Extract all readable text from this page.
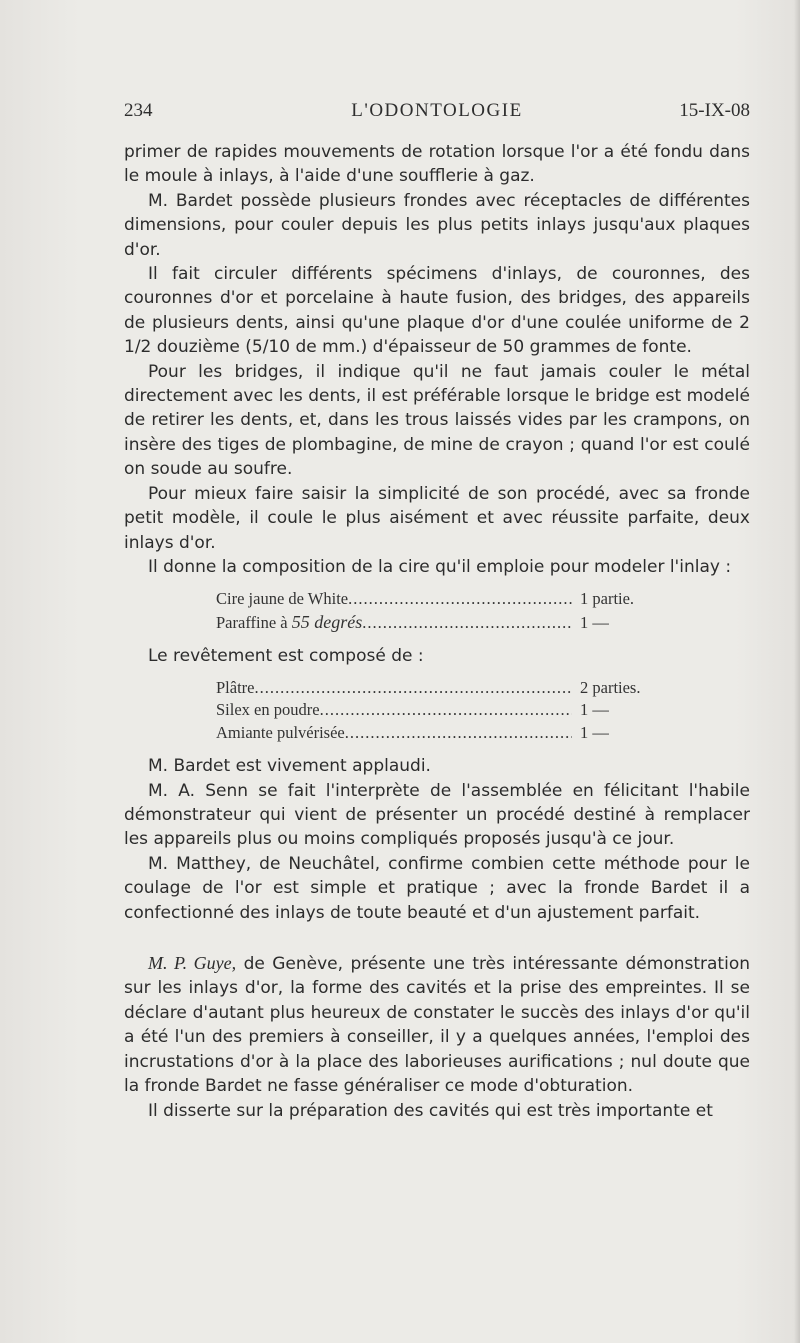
234	L'ODONTOLOGIE	15-IX-08

primer de rapides mouvements de rotation lorsque l'or a été fondu dans le moule à inlays, à l'aide d'une soufflerie à gaz.

M. Bardet possède plusieurs frondes avec réceptacles de différentes dimensions, pour couler depuis les plus petits inlays jusqu'aux plaques d'or.

Il fait circuler différents spécimens d'inlays, de couronnes, des couronnes d'or et porcelaine à haute fusion, des bridges, des appareils de plusieurs dents, ainsi qu'une plaque d'or d'une coulée uniforme de 2 1/2 douzième (5/10 de mm.) d'épaisseur de 50 grammes de fonte.

Pour les bridges, il indique qu'il ne faut jamais couler le métal directement avec les dents, il est préférable lorsque le bridge est modelé de retirer les dents, et, dans les trous laissés vides par les crampons, on insère des tiges de plombagine, de mine de crayon ; quand l'or est coulé on soude au soufre.

Pour mieux faire saisir la simplicité de son procédé, avec sa fronde petit modèle, il coule le plus aisément et avec réussite parfaite, deux inlays d'or.

Il donne la composition de la cire qu'il emploie pour modeler l'inlay :

Cire jaune de White .....	1 partie.
Paraffine à 55 degrés .....	1 —

Le revêtement est composé de :

Plâtre .....	2 parties.
Silex en poudre .....	1 —
Amiante pulvérisée .....	1 —

M. Bardet est vivement applaudi.

M. A. Senn se fait l'interprète de l'assemblée en félicitant l'habile démonstrateur qui vient de présenter un procédé destiné à remplacer les appareils plus ou moins compliqués proposés jusqu'à ce jour.

M. Matthey, de Neuchâtel, confirme combien cette méthode pour le coulage de l'or est simple et pratique ; avec la fronde Bardet il a confectionné des inlays de toute beauté et d'un ajustement parfait.

M. P. Guye, de Genève, présente une très intéressante démonstration sur les inlays d'or, la forme des cavités et la prise des empreintes. Il se déclare d'autant plus heureux de constater le succès des inlays d'or qu'il a été l'un des premiers à conseiller, il y a quelques années, l'emploi des incrustations d'or à la place des laborieuses aurifications ; nul doute que la fronde Bardet ne fasse généraliser ce mode d'obturation.

Il disserte sur la préparation des cavités qui est très importante et
